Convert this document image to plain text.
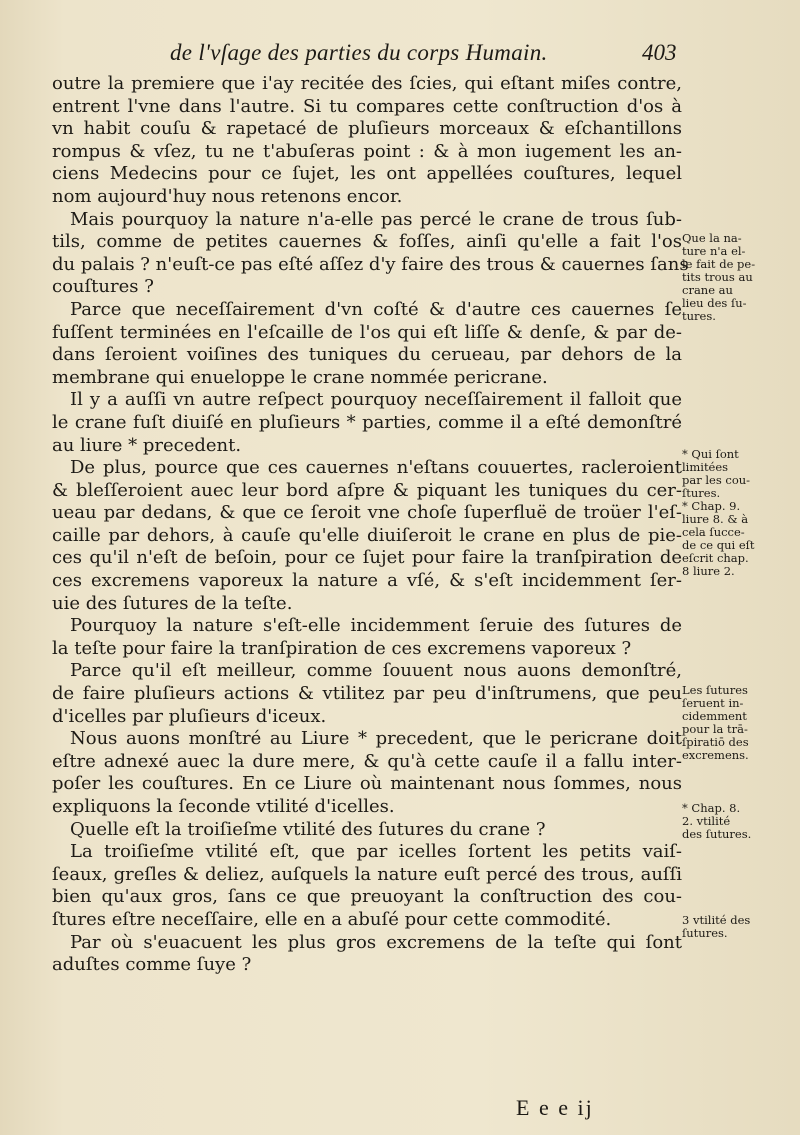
de l'vſage des parties du corps Humain.	403
outre la premiere que i'ay recitée des ſcies, qui eſtant miſes contre,
entrent l'vne dans l'autre. Si tu compares cette conſtruction d'os à
vn habit couſu & rapetacé de pluſieurs morceaux & eſchantillons
rompus & vſez, tu ne t'abuſeras point : & à mon iugement les an-
ciens Medecins pour ce ſujet, les ont appellées couſtures, lequel
nom aujourd'huy nous retenons encor.
Mais pourquoy la nature n'a-elle pas percé le crane de trous ſub-
tils, comme de petites cauernes & foſſes, ainſi qu'elle a fait l'os
du palais ? n'euſt-ce pas eſté aſſez d'y faire des trous & cauernes ſans
couſtures ?
Parce que neceſſairement d'vn coſté & d'autre ces cauernes ſe
fuſſent terminées en l'eſcaille de l'os qui eſt liſſe & denſe, & par de-
dans ſeroient voiſines des tuniques du cerueau, par dehors de la
membrane qui enueloppe le crane nommée pericrane.
Il y a auſſi vn autre reſpect pourquoy neceſſairement il falloit que
le crane fuſt diuiſé en pluſieurs * parties, comme il a eſté demonſtré
au liure * precedent.
De plus, pource que ces cauernes n'eſtans couuertes, racleroient
& bleſſeroient auec leur bord aſpre & piquant les tuniques du cer-
ueau par dedans, & que ce ſeroit vne choſe ſuperfluë de troüer l'eſ-
caille par dehors, à cauſe qu'elle diuiſeroit le crane en plus de pie-
ces qu'il n'eſt de beſoin, pour ce ſujet pour faire la tranſpiration de
ces excremens vaporeux la nature a vſé, & s'eſt incidemment ſer-
uie des ſutures de la teſte.
Pourquoy la nature s'eſt-elle incidemment ſeruie des ſutures de
la teſte pour faire la tranſpiration de ces excremens vaporeux ?
Parce qu'il eſt meilleur, comme ſouuent nous auons demonſtré,
de faire pluſieurs actions & vtilitez par peu d'inſtrumens, que peu
d'icelles par pluſieurs d'iceux.
Nous auons monſtré au Liure * precedent, que le pericrane doit
eſtre adnexé auec la dure mere, & qu'à cette cauſe il a fallu inter-
poſer les couſtures. En ce Liure où maintenant nous ſommes, nous
expliquons la ſeconde vtilité d'icelles.
Quelle eſt la troiſieſme vtilité des ſutures du crane ?
La troiſieſme vtilité eſt, que par icelles ſortent les petits vaiſ-
ſeaux, greſles & deliez, auſquels la nature euſt percé des trous, auſſi
bien qu'aux gros, ſans ce que preuoyant la conſtruction des cou-
ſtures eſtre neceſſaire, elle en a abuſé pour cette commodité.
Par où s'euacuent les plus gros excremens de la teſte qui ſont
aduſtes comme ſuye ?
Que la na-
ture n'a el-
le fait de pe-
tits trous au
crane au
lieu des ſu-
tures.
* Qui ſont
limitées
par les cou-
ſtures.
* Chap. 9.
liure 8. & à
cela ſucce-
de ce qui eſt
eſcrit chap.
8 liure 2.
Les ſutures
ſeruent in-
cidemment
pour la trā-
ſpiratiō des
excremens.
* Chap. 8.
2. vtilité
des ſutures.
3 vtilité des
ſutures.
E e e ij
